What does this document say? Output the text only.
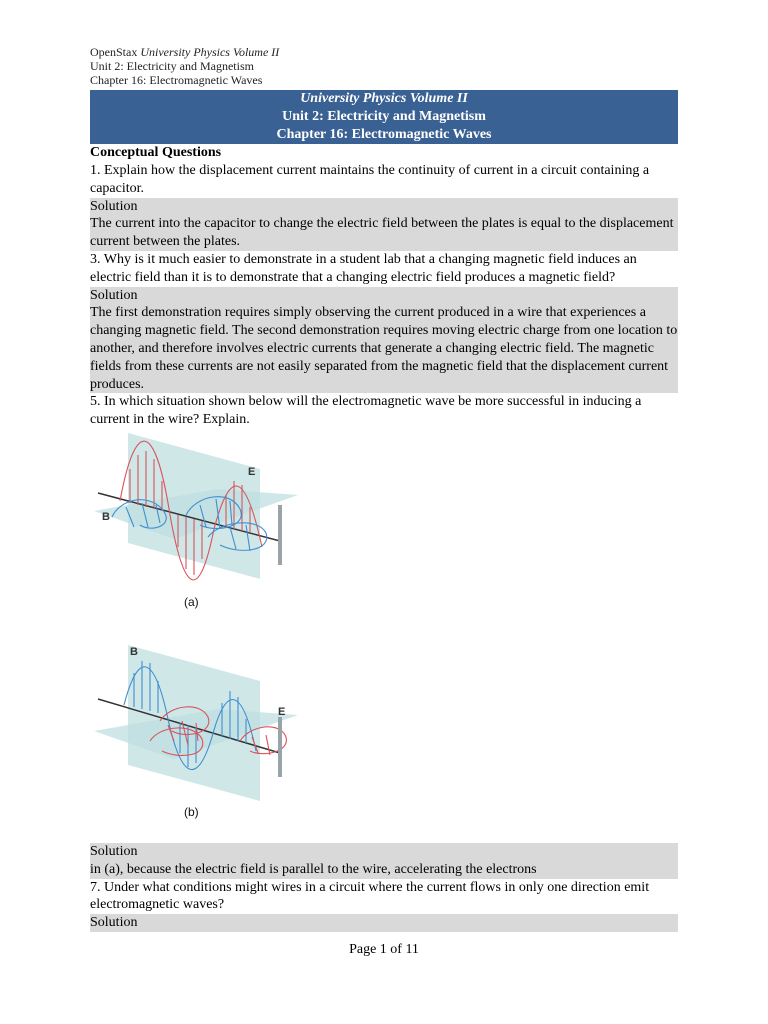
OpenStax University Physics Volume II
Unit 2: Electricity and Magnetism
Chapter 16: Electromagnetic Waves
University Physics Volume II
Unit 2: Electricity and Magnetism
Chapter 16: Electromagnetic Waves
Conceptual Questions
1. Explain how the displacement current maintains the continuity of current in a circuit containing a capacitor.
Solution
The current into the capacitor to change the electric field between the plates is equal to the displacement current between the plates.
3. Why is it much easier to demonstrate in a student lab that a changing magnetic field induces an electric field than it is to demonstrate that a changing electric field produces a magnetic field?
Solution
The first demonstration requires simply observing the current produced in a wire that experiences a changing magnetic field. The second demonstration requires moving electric charge from one location to another, and therefore involves electric currents that generate a changing electric field. The magnetic fields from these currents are not easily separated from the magnetic field that the displacement current produces.
5. In which situation shown below will the electromagnetic wave be more successful in inducing a current in the wire? Explain.
E
B
(a)
E
B
(b)
Solution
in (a), because the electric field is parallel to the wire, accelerating the electrons
7. Under what conditions might wires in a circuit where the current flows in only one direction emit electromagnetic waves?
Solution
Page 1 of 11
